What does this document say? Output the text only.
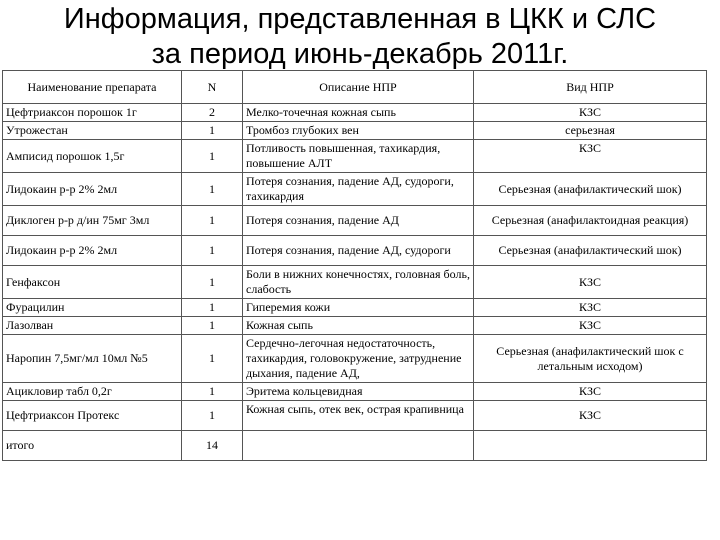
Информация, представленная в ЦКК и СЛС
за период июнь-декабрь 2011г.
Наименование препарата	N	Описание НПР	Вид НПР
Цефтриаксон порошок 1г	2	Мелко-точечная кожная сыпь	КЗС
Утрожестан	1	Тромбоз глубоких вен	серьезная
Амписид порошок 1,5г	1	Потливость повышенная, тахикардия, повышение АЛТ	КЗС
Лидокаин р-р 2% 2мл	1	Потеря сознания, падение АД, судороги, тахикардия	Серьезная (анафилактический шок)
Диклоген р-р д/ин 75мг 3мл	1	Потеря сознания, падение АД	Серьезная (анафилактоидная реакция)
Лидокаин р-р 2% 2мл	1	Потеря сознания, падение АД, судороги	Серьезная (анафилактический шок)
Генфаксон	1	Боли в нижних конечностях, головная боль, слабость	КЗС
Фурацилин	1	Гиперемия кожи	КЗС
Лазолван	1	Кожная сыпь	КЗС
Наропин 7,5мг/мл 10мл №5	1	Сердечно-легочная недостаточность, тахикардия, головокружение, затруднение дыхания, падение АД,	Серьезная (анафилактический шок с летальным исходом)
Ацикловир табл 0,2г	1	Эритема кольцевидная	КЗС
Цефтриаксон Протекс	1	Кожная сыпь, отек век, острая крапивница	КЗС
итого	14		
